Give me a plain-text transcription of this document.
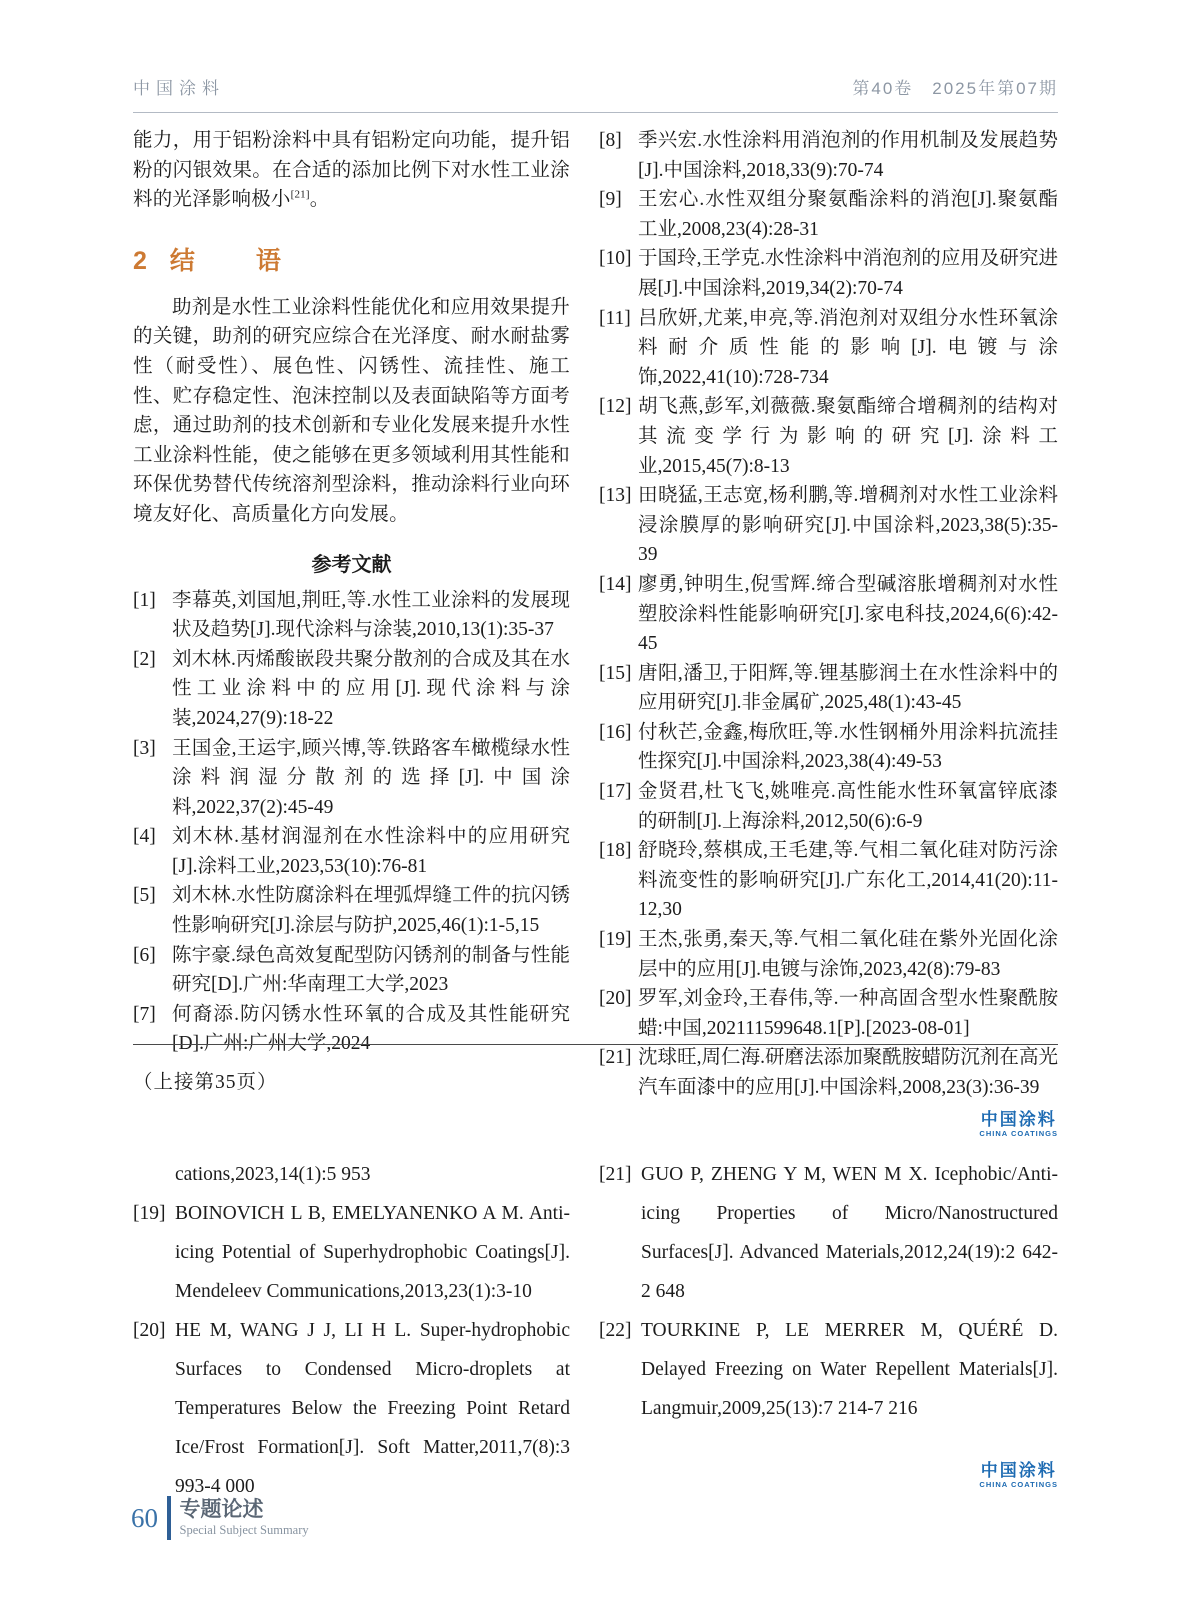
中国涂料	第40卷　2025年第07期

能力，用于铝粉涂料中具有铝粉定向功能，提升铝粉的闪银效果。在合适的添加比例下对水性工业涂料的光泽影响极小[21]。

2 结　语

助剂是水性工业涂料性能优化和应用效果提升的关键，助剂的研究应综合在光泽度、耐水耐盐雾性（耐受性）、展色性、闪锈性、流挂性、施工性、贮存稳定性、泡沫控制以及表面缺陷等方面考虑，通过助剂的技术创新和专业化发展来提升水性工业涂料性能，使之能够在更多领域利用其性能和环保优势替代传统溶剂型涂料，推动涂料行业向环境友好化、高质量化方向发展。

参考文献
[1] 李幕英,刘国旭,荆旺,等.水性工业涂料的发展现状及趋势[J].现代涂料与涂装,2010,13(1):35-37
[2] 刘木林.丙烯酸嵌段共聚分散剂的合成及其在水性工业涂料中的应用[J].现代涂料与涂装,2024,27(9):18-22
[3] 王国金,王运宇,顾兴博,等.铁路客车橄榄绿水性涂料润湿分散剂的选择[J].中国涂料,2022,37(2):45-49
[4] 刘木林.基材润湿剂在水性涂料中的应用研究[J].涂料工业,2023,53(10):76-81
[5] 刘木林.水性防腐涂料在埋弧焊缝工件的抗闪锈性影响研究[J].涂层与防护,2025,46(1):1-5,15
[6] 陈宇豪.绿色高效复配型防闪锈剂的制备与性能研究[D].广州:华南理工大学,2023
[7] 何裔添.防闪锈水性环氧的合成及其性能研究[D].广州:广州大学,2024
[8] 季兴宏.水性涂料用消泡剂的作用机制及发展趋势[J].中国涂料,2018,33(9):70-74
[9] 王宏心.水性双组分聚氨酯涂料的消泡[J].聚氨酯工业,2008,23(4):28-31
[10] 于国玲,王学克.水性涂料中消泡剂的应用及研究进展[J].中国涂料,2019,34(2):70-74
[11] 吕欣妍,尤莱,申亮,等.消泡剂对双组分水性环氧涂料耐介质性能的影响[J].电镀与涂饰,2022,41(10):728-734
[12] 胡飞燕,彭军,刘薇薇.聚氨酯缔合增稠剂的结构对其流变学行为影响的研究[J].涂料工业,2015,45(7):8-13
[13] 田晓猛,王志宽,杨利鹏,等.增稠剂对水性工业涂料浸涂膜厚的影响研究[J].中国涂料,2023,38(5):35-39
[14] 廖勇,钟明生,倪雪辉.缔合型碱溶胀增稠剂对水性塑胶涂料性能影响研究[J].家电科技,2024,6(6):42-45
[15] 唐阳,潘卫,于阳辉,等.锂基膨润土在水性涂料中的应用研究[J].非金属矿,2025,48(1):43-45
[16] 付秋芒,金鑫,梅欣旺,等.水性钢桶外用涂料抗流挂性探究[J].中国涂料,2023,38(4):49-53
[17] 金贤君,杜飞飞,姚唯亮.高性能水性环氧富锌底漆的研制[J].上海涂料,2012,50(6):6-9
[18] 舒晓玲,蔡棋成,王毛建,等.气相二氧化硅对防污涂料流变性的影响研究[J].广东化工,2014,41(20):11-12,30
[19] 王杰,张勇,秦天,等.气相二氧化硅在紫外光固化涂层中的应用[J].电镀与涂饰,2023,42(8):79-83
[20] 罗军,刘金玲,王春伟,等.一种高固含型水性聚酰胺蜡:中国,202111599648.1[P].[2023-08-01]
[21] 沈球旺,周仁海.研磨法添加聚酰胺蜡防沉剂在高光汽车面漆中的应用[J].中国涂料,2008,23(3):36-39
中国涂料
CHINA COATINGS
（上接第35页）
cations,2023,14(1):5 953
[19] BOINOVICH L B, EMELYANENKO A M. Anti-icing Potential of Superhydrophobic Coatings[J]. Mendeleev Communications,2013,23(1):3-10
[20] HE M, WANG J J, LI H L. Super-hydrophobic Surfaces to Condensed Micro-droplets at Temperatures Below the Freezing Point Retard Ice/Frost Formation[J]. Soft Matter,2011,7(8):3 993-4 000
[21] GUO P, ZHENG Y M, WEN M X. Icephobic/Anti-icing Properties of Micro/Nanostructured Surfaces[J]. Advanced Materials,2012,24(19):2 642-2 648
[22] TOURKINE P, LE MERRER M, QUÉRÉ D. Delayed Freezing on Water Repellent Materials[J]. Langmuir,2009,25(13):7 214-7 216
中国涂料
CHINA COATINGS
60 专题论述
Special Subject Summary
